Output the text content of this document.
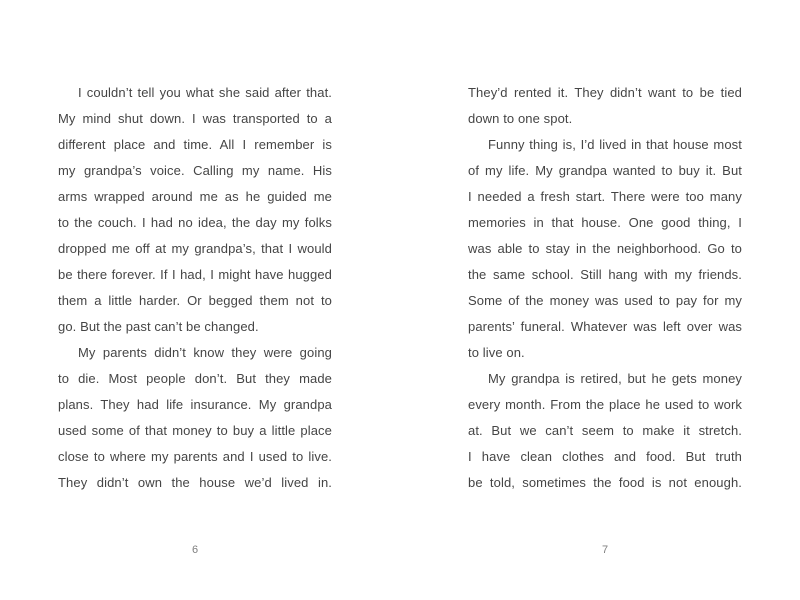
I couldn’t tell you what she said after that.
My mind shut down. I was transported to a
different place and time. All I remember is
my grandpa’s voice. Calling my name. His
arms wrapped around me as he guided me
to the couch. I had no idea, the day my folks
dropped me off at my grandpa’s, that I would
be there forever. If I had, I might have hugged
them a little harder. Or begged them not to
go. But the past can’t be changed.
My parents didn’t know they were going
to die. Most people don’t. But they made
plans. They had life insurance. My grandpa
used some of that money to buy a little place
close to where my parents and I used to live.
They didn’t own the house we’d lived in.
6
They’d rented it. They didn’t want to be tied
down to one spot.
Funny thing is, I’d lived in that house most
of my life. My grandpa wanted to buy it. But
I needed a fresh start. There were too many
memories in that house. One good thing, I
was able to stay in the neighborhood. Go to
the same school. Still hang with my friends.
Some of the money was used to pay for my
parents’ funeral. Whatever was left over was
to live on.
My grandpa is retired, but he gets money
every month. From the place he used to work
at. But we can’t seem to make it stretch.
I have clean clothes and food. But truth
be told, sometimes the food is not enough.
7
